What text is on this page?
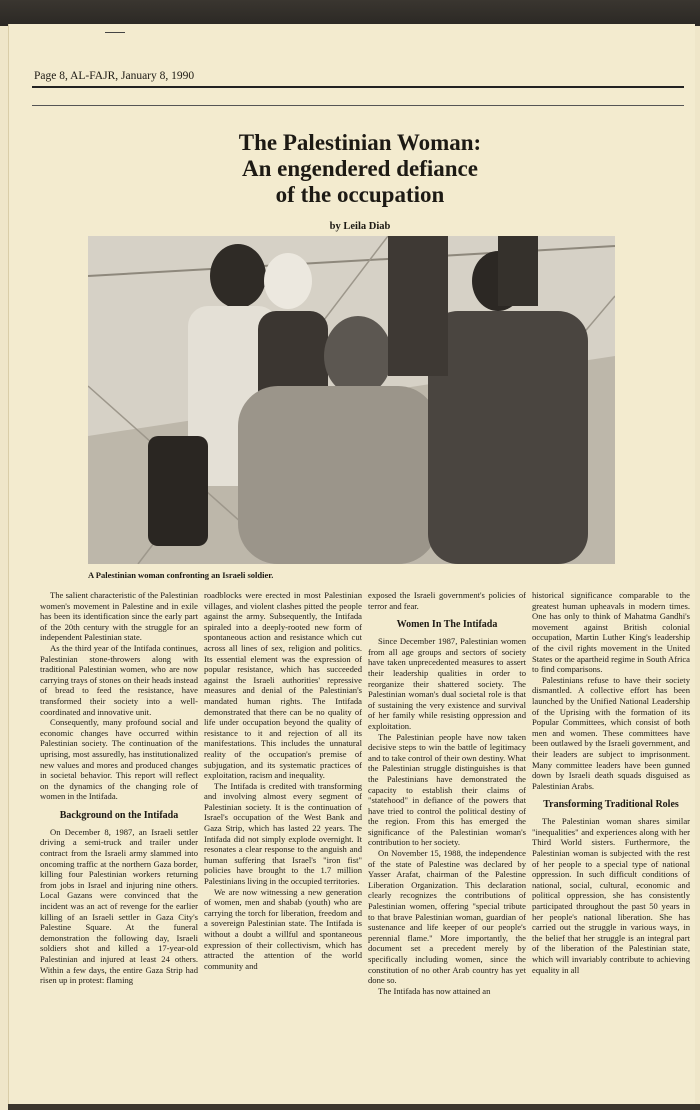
Page 8, AL-FAJR, January 8, 1990
The Palestinian Woman:
An engendered defiance
of the occupation
by Leila Diab
A Palestinian woman confronting an Israeli soldier.

The salient characteristic of the Palestinian women's movement in Palestine and in exile has been its identification since the early part of the 20th century with the struggle for an independent Palestinian state.

As the third year of the Intifada continues, Palestinian stone-throwers along with traditional Palestinian women, who are now carrying trays of stones on their heads instead of bread to feed the resistance, have transformed their society into a well-coordinated and innovative unit.

Consequently, many profound social and economic changes have occurred within Palestinian society. The continuation of the uprising, most assuredly, has institutionalized new values and mores and produced changes in societal behavior. This report will reflect on the dynamics of the changing role of women in the Intifada.

Background on the Intifada

On December 8, 1987, an Israeli settler driving a semi-truck and trailer under contract from the Israeli army slammed into oncoming traffic at the northern Gaza border, killing four Palestinian workers returning from jobs in Israel and injuring nine others. Local Gazans were convinced that the incident was an act of revenge for the earlier killing of an Israeli settler in Gaza City's Palestine Square. At the funeral demonstration the following day, Israeli soldiers shot and killed a 17-year-old Palestinian and injured at least 24 others. Within a few days, the entire Gaza Strip had risen up in protest: flaming

roadblocks were erected in most Palestinian villages, and violent clashes pitted the people against the army. Subsequently, the Intifada spiraled into a deeply-rooted new form of spontaneous action and resistance which cut across all lines of sex, religion and politics. Its essential element was the expression of popular resistance, which has succeeded against the Israeli authorities' repressive measures and denial of the Palestinian's mandated human rights. The Intifada demonstrated that there can be no quality of life under occupation beyond the quality of resistance to it and rejection of all its manifestations. This includes the unnatural reality of the occupation's premise of subjugation, and its systematic practices of exploitation, racism and inequality.

The Intifada is credited with transforming and involving almost every segment of Palestinian society. It is the continuation of Israel's occupation of the West Bank and Gaza Strip, which has lasted 22 years. The Intifada did not simply explode overnight. It resonates a clear response to the anguish and human suffering that Israel's "iron fist" policies have brought to the 1.7 million Palestinians living in the occupied territories.

We are now witnessing a new generation of women, men and shabab (youth) who are carrying the torch for liberation, freedom and a sovereign Palestinian state. The Intifada is without a doubt a willful and spontaneous expression of their collectivism, which has attracted the attention of the world community and

exposed the Israeli government's policies of terror and fear.

Women In The Intifada

Since December 1987, Palestinian women from all age groups and sectors of society have taken unprecedented measures to assert their leadership qualities in order to reorganize their shattered society. The Palestinian woman's dual societal role is that of sustaining the very existence and survival of her family while resisting oppression and exploitation.

The Palestinian people have now taken decisive steps to win the battle of legitimacy and to take control of their own destiny. What the Palestinian struggle distinguishes is that the Palestinians have demonstrated the capacity to establish their claims of "statehood" in defiance of the powers that have tried to control the political destiny of the region. From this has emerged the significance of the Palestinian woman's contribution to her society.

On November 15, 1988, the independence of the state of Palestine was declared by Yasser Arafat, chairman of the Palestine Liberation Organization. This declaration clearly recognizes the contributions of Palestinian women, offering "special tribute to that brave Palestinian woman, guardian of sustenance and life keeper of our people's perennial flame." More importantly, the document set a precedent merely by specifically including women, since the constitution of no other Arab country has yet done so.

The Intifada has now attained an

historical significance comparable to the greatest human upheavals in modern times. One has only to think of Mahatma Gandhi's movement against British colonial occupation, Martin Luther King's leadership of the civil rights movement in the United States or the apartheid regime in South Africa to find comparisons.

Palestinians refuse to have their society dismantled. A collective effort has been launched by the Unified National Leadership of the Uprising with the formation of its Popular Committees, which consist of both men and women. These committees have been outlawed by the Israeli government, and their leaders are subject to imprisonment. Many committee leaders have been gunned down by Israeli death squads disguised as Palestinian Arabs.

Transforming Traditional Roles

The Palestinian woman shares similar "inequalities" and experiences along with her Third World sisters. Furthermore, the Palestinian woman is subjected with the rest of her people to a special type of national oppression. In such difficult conditions of national, social, cultural, economic and political oppression, she has consistently participated throughout the past 50 years in her people's national liberation. She has carried out the struggle in various ways, in the belief that her struggle is an integral part of the liberation of the Palestinian state, which will invariably contribute to achieving equality in all
